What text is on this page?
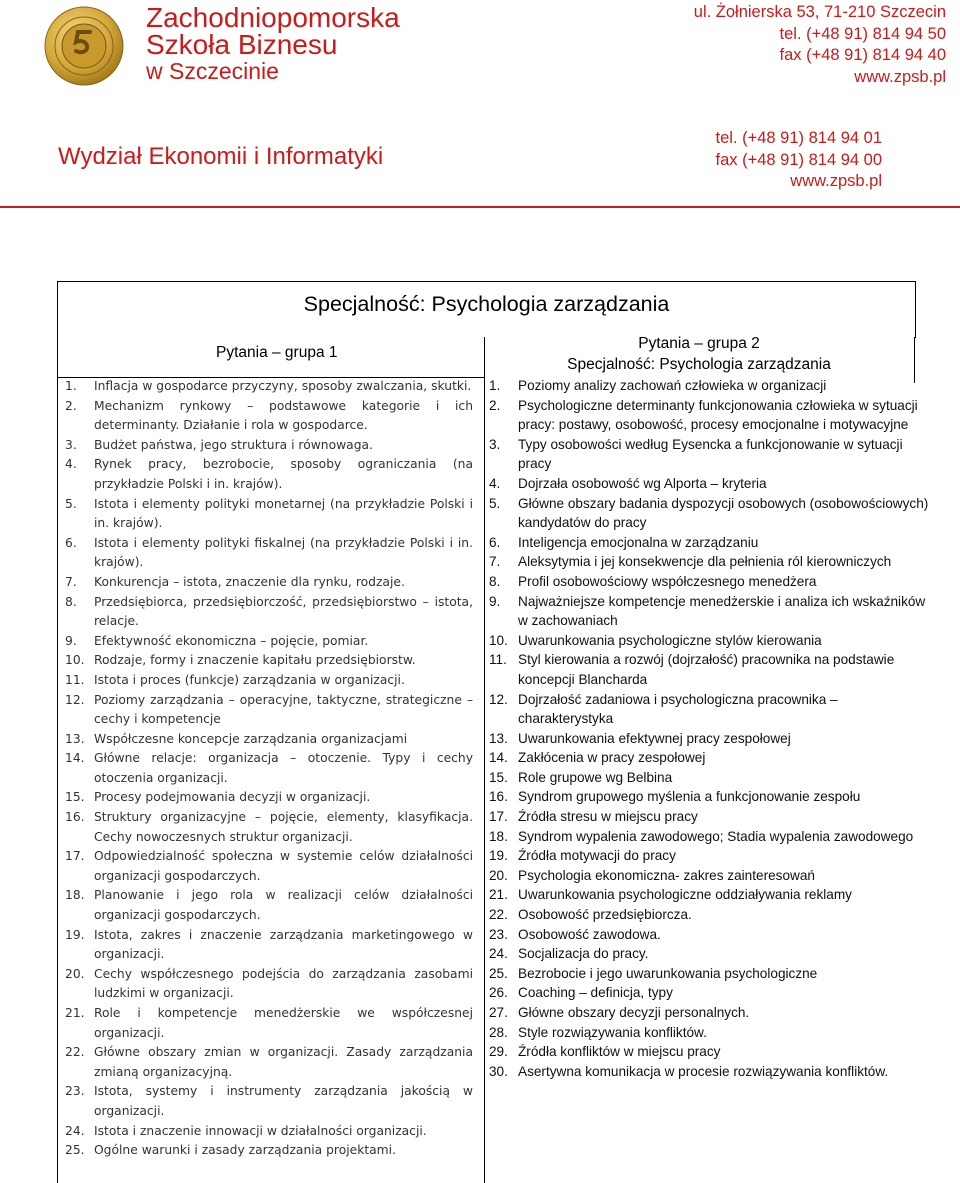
Zachodniopomorska
Szkoła Biznesu
w Szczecinie
ul. Żołnierska 53, 71-210 Szczecin
tel. (+48 91) 814 94 50
fax (+48 91) 814 94 40
www.zpsb.pl
Wydział Ekonomii i Informatyki
tel. (+48 91) 814 94 01
fax (+48 91) 814 94 00
www.zpsb.pl
Specjalność: Psychologia zarządzania
Pytania – grupa 1
Pytania – grupa 2
Specjalność: Psychologia zarządzania
1. Inflacja w gospodarce przyczyny, sposoby zwalczania, skutki.
2. Mechanizm rynkowy – podstawowe kategorie i ich determinanty. Działanie i rola w gospodarce.
3. Budżet państwa, jego struktura i równowaga.
4. Rynek pracy, bezrobocie, sposoby ograniczania (na przykładzie Polski i in. krajów).
5. Istota i elementy polityki monetarnej (na przykładzie Polski i in. krajów).
6. Istota i elementy polityki fiskalnej (na przykładzie Polski i in. krajów).
7. Konkurencja – istota, znaczenie dla rynku, rodzaje.
8. Przedsiębiorca, przedsiębiorczość, przedsiębiorstwo – istota, relacje.
9. Efektywność ekonomiczna – pojęcie, pomiar.
10. Rodzaje, formy i znaczenie kapitału przedsiębiorstw.
11. Istota i proces (funkcje) zarządzania w organizacji.
12. Poziomy zarządzania – operacyjne, taktyczne, strategiczne – cechy i kompetencje
13. Współczesne koncepcje zarządzania organizacjami
14. Główne relacje: organizacja – otoczenie. Typy i cechy otoczenia organizacji.
15. Procesy podejmowania decyzji w organizacji.
16. Struktury organizacyjne – pojęcie, elementy, klasyfikacja. Cechy nowoczesnych struktur organizacji.
17. Odpowiedzialność społeczna w systemie celów działalności organizacji gospodarczych.
18. Planowanie i jego rola w realizacji celów działalności organizacji gospodarczych.
19. Istota, zakres i znaczenie zarządzania marketingowego w organizacji.
20. Cechy współczesnego podejścia do zarządzania zasobami ludzkimi w organizacji.
21. Role i kompetencje menedżerskie we współczesnej organizacji.
22. Główne obszary zmian w organizacji. Zasady zarządzania zmianą organizacyjną.
23. Istota, systemy i instrumenty zarządzania jakością w organizacji.
24. Istota i znaczenie innowacji w działalności organizacji.
25. Ogólne warunki i zasady zarządzania projektami.
1. Poziomy analizy zachowań człowieka w organizacji
2. Psychologiczne determinanty funkcjonowania człowieka w sytuacji pracy: postawy, osobowość, procesy emocjonalne i motywacyjne
3. Typy osobowości według Eysencka a funkcjonowanie w sytuacji pracy
4. Dojrzała osobowość wg Alporta – kryteria
5. Główne obszary badania dyspozycji osobowych (osobowościowych) kandydatów do pracy
6. Inteligencja emocjonalna w zarządzaniu
7. Aleksytymia i jej konsekwencje dla pełnienia ról kierowniczych
8. Profil osobowościowy współczesnego menedżera
9. Najważniejsze kompetencje menedżerskie i analiza ich wskaźników w zachowaniach
10. Uwarunkowania psychologiczne stylów kierowania
11. Styl kierowania a rozwój (dojrzałość) pracownika na podstawie koncepcji Blancharda
12. Dojrzałość zadaniowa i psychologiczna pracownika – charakterystyka
13. Uwarunkowania efektywnej pracy zespołowej
14. Zakłócenia w pracy zespołowej
15. Role grupowe wg Belbina
16. Syndrom grupowego myślenia a funkcjonowanie zespołu
17. Źródła stresu w miejscu pracy
18. Syndrom wypalenia zawodowego; Stadia wypalenia zawodowego
19. Źródła motywacji do pracy
20. Psychologia ekonomiczna- zakres zainteresowań
21. Uwarunkowania psychologiczne oddziaływania reklamy
22. Osobowość przedsiębiorcza.
23. Osobowość zawodowa.
24. Socjalizacja do pracy.
25. Bezrobocie i jego uwarunkowania psychologiczne
26. Coaching – definicja, typy
27. Główne obszary decyzji personalnych.
28. Style rozwiązywania konfliktów.
29. Źródła konfliktów w miejscu pracy
30. Asertywna komunikacja w procesie rozwiązywania konfliktów.
